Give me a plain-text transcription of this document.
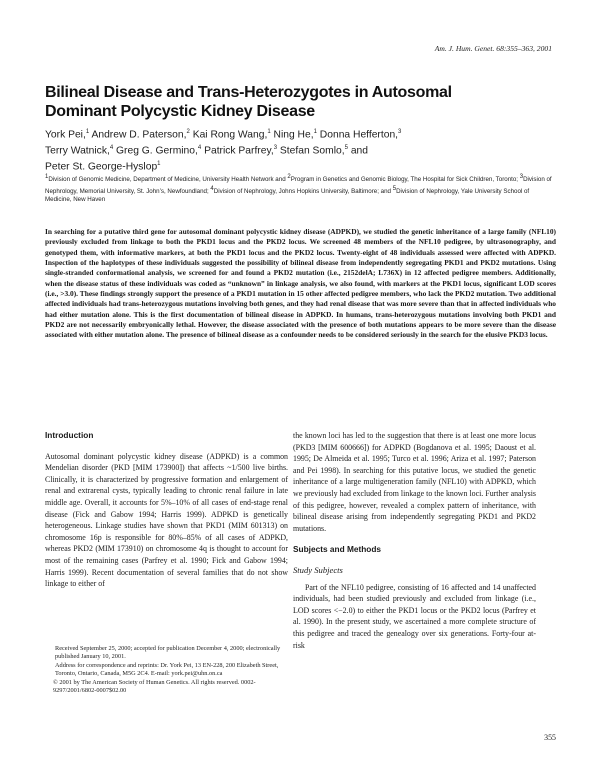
Am. J. Hum. Genet. 68:355–363, 2001
Bilineal Disease and Trans-Heterozygotes in Autosomal Dominant Polycystic Kidney Disease
York Pei,$^1$ Andrew D. Paterson,$^2$ Kai Rong Wang,$^1$ Ning He,$^1$ Donna Hefferton,$^3$
Terry Watnick,$^4$ Greg G. Germino,$^4$ Patrick Parfrey,$^3$ Stefan Somlo,$^5$ and
Peter St. George-Hyslop$^1$
$^1$Division of Genomic Medicine, Department of Medicine, University Health Network and $^2$Program in Genetics and Genomic Biology, The Hospital for Sick Children, Toronto; $^3$Division of Nephrology, Memorial University, St. John’s, Newfoundland; $^4$Division of Nephrology, Johns Hopkins University, Baltimore; and $^5$Division of Nephrology, Yale University School of Medicine, New Haven

In searching for a putative third gene for autosomal dominant polycystic kidney disease (ADPKD), we studied the genetic inheritance of a large family (NFL10) previously excluded from linkage to both the PKD1 locus and the PKD2 locus. We screened 48 members of the NFL10 pedigree, by ultrasonography, and genotyped them, with informative markers, at both the PKD1 locus and the PKD2 locus. Twenty-eight of 48 individuals assessed were affected with ADPKD. Inspection of the haplotypes of these individuals suggested the possibility of bilineal disease from independently segregating PKD1 and PKD2 mutations. Using single-stranded conformational analysis, we screened for and found a PKD2 mutation (i.e., 2152delA; L736X) in 12 affected pedigree members. Additionally, when the disease status of these individuals was coded as “unknown” in linkage analysis, we also found, with markers at the PKD1 locus, significant LOD scores (i.e., >3.0). These findings strongly support the presence of a PKD1 mutation in 15 other affected pedigree members, who lack the PKD2 mutation. Two additional affected individuals had trans-heterozygous mutations involving both genes, and they had renal disease that was more severe than that in affected individuals who had either mutation alone. This is the first documentation of bilineal disease in ADPKD. In humans, trans-heterozygous mutations involving both PKD1 and PKD2 are not necessarily embryonically lethal. However, the disease associated with the presence of both mutations appears to be more severe than the disease associated with either mutation alone. The presence of bilineal disease as a confounder needs to be considered seriously in the search for the elusive PKD3 locus.

Introduction

Autosomal dominant polycystic kidney disease (ADPKD) is a common Mendelian disorder (PKD [MIM 173900]) that affects ~1/500 live births. Clinically, it is characterized by progressive formation and enlargement of renal and extrarenal cysts, typically leading to chronic renal failure in late middle age. Overall, it accounts for 5%–10% of all cases of end-stage renal disease (Fick and Gabow 1994; Harris 1999). ADPKD is genetically heterogeneous. Linkage studies have shown that PKD1 (MIM 601313) on chromosome 16p is responsible for 80%–85% of all cases of ADPKD, whereas PKD2 (MIM 173910) on chromosome 4q is thought to account for most of the remaining cases (Parfrey et al. 1990; Fick and Gabow 1994; Harris 1999). Recent documentation of several families that do not show linkage to either of

the known loci has led to the suggestion that there is at least one more locus (PKD3 [MIM 600666]) for ADPKD (Bogdanova et al. 1995; Daoust et al. 1995; De Almeida et al. 1995; Turco et al. 1996; Ariza et al. 1997; Paterson and Pei 1998). In searching for this putative locus, we studied the genetic inheritance of a large multigeneration family (NFL10) with ADPKD, which we previously had excluded from linkage to the known loci. Further analysis of this pedigree, however, revealed a complex pattern of inheritance, with bilineal disease arising from independently segregating PKD1 and PKD2 mutations.

Subjects and Methods
Study Subjects

Part of the NFL10 pedigree, consisting of 16 affected and 14 unaffected individuals, had been studied previously and excluded from linkage (i.e., LOD scores <−2.0) to either the PKD1 locus or the PKD2 locus (Parfrey et al. 1990). In the present study, we ascertained a more complete structure of this pedigree and traced the genealogy over six generations. Forty-four at-risk

Received September 25, 2000; accepted for publication December 4, 2000; electronically published January 10, 2001.

Address for correspondence and reprints: Dr. York Pei, 13 EN-228, 200 Elizabeth Street, Toronto, Ontario, Canada, M5G 2C4. E-mail: york.pei@uhn.on.ca

© 2001 by The American Society of Human Genetics. All rights reserved. 0002-9297/2001/6802-0007$02.00

355
